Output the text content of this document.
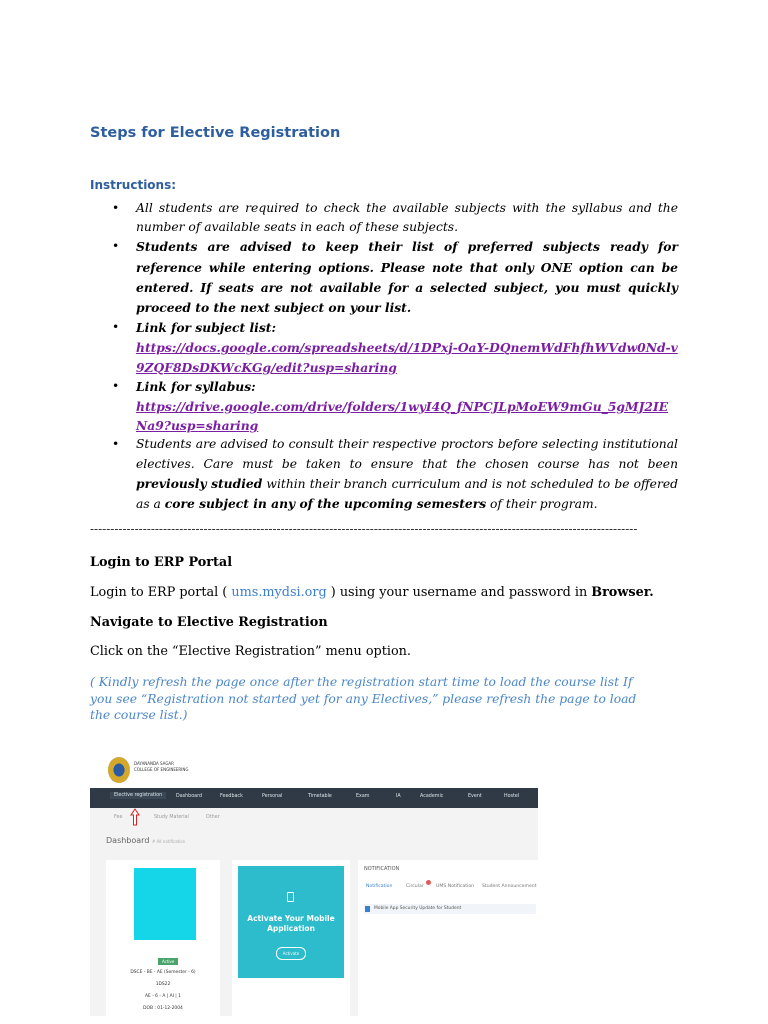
Steps for Elective Registration
Instructions:
• All students are required to check the available subjects with the syllabus and the number of available seats in each of these subjects.
• Students are advised to keep their list of preferred subjects ready for reference while entering options. Please note that only ONE option can be entered. If seats are not available for a selected subject, you must quickly proceed to the next subject on your list.
• Link for subject list:
https://docs.google.com/spreadsheets/d/1DPxj-OaY-DQnemWdFhfhWVdw0Nd-v9ZQF8DsDKWcKGg/edit?usp=sharing
• Link for syllabus:
https://drive.google.com/drive/folders/1wyI4Q_fNPCJLpMoEW9mGu_5gMJ2IENa9?usp=sharing
• Students are advised to consult their respective proctors before selecting institutional electives. Care must be taken to ensure that the chosen course has not been previously studied within their branch curriculum and is not scheduled to be offered as a core subject in any of the upcoming semesters of their program.
---------------------------------------------------------------------------------------------------------------------------------------
Login to ERP Portal
Login to ERP portal ( ums.mydsi.org ) using your username and password in Browser.
Navigate to Elective Registration
Click on the “Elective Registration” menu option.
( Kindly refresh the page once after the registration start time to load the course list If you see “Registration not started yet for any Electives,” please refresh the page to load the course list.)
DAYANANDA SAGAR
COLLEGE OF ENGINEERING
Elective registration	Dashboard	Feedback	Personal	Timetable	Exam	IA	Academic	Event	Hostel
Fee	Study Material	Other
Dashboard # All notification
Active
DSCE - BE - AE (Semester - 6)
1DS22
AE - 6 - A | AI | 1
DOB : 01-12-2004
Activate Your Mobile Application
Activate
NOTIFICATION
Notification	Circular	UMS Notification Student Announcement
Mobile App Security Update for Student
